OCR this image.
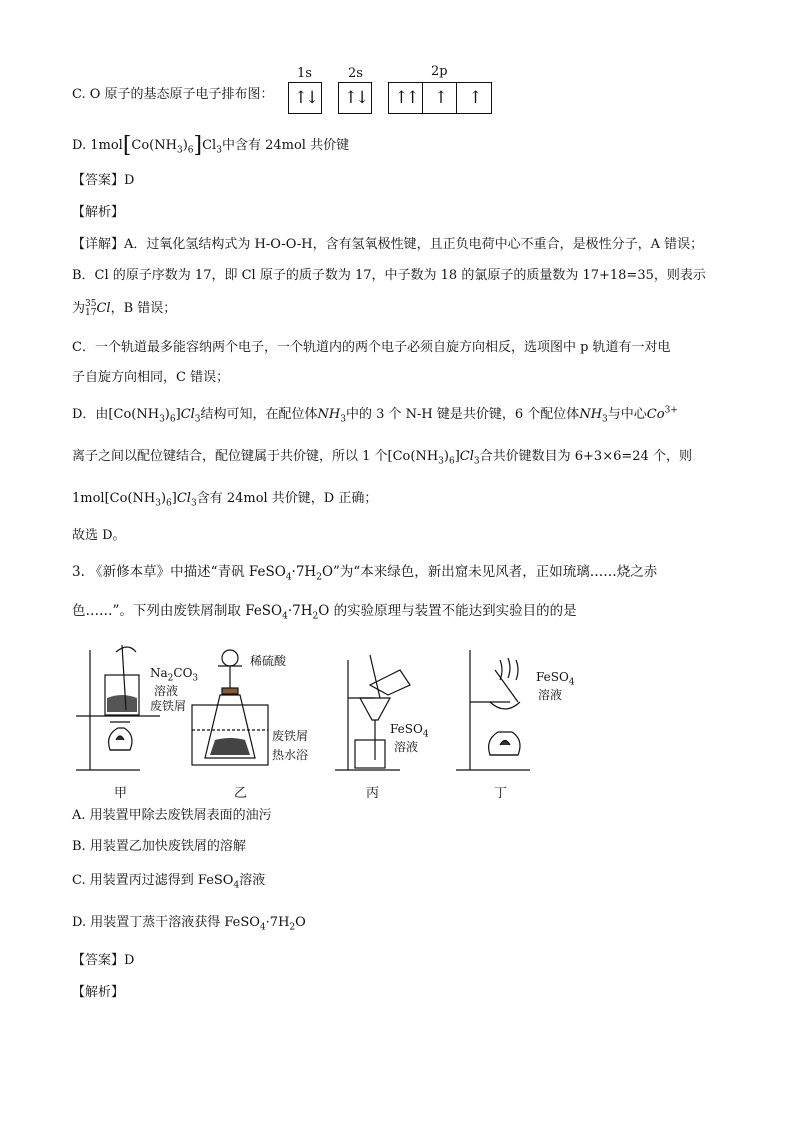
C. O 原子的基态原子电子排布图：
1s	2s	2p
↑↓ ↑↓	↑↑	↑	↑
D. $1mol[Co(NH_3)_6]Cl_3$中含有 24mol 共价键
【答案】D
【解析】
【详解】A．过氧化氢结构式为 H-O-O-H，含有氢氧极性键，且正负电荷中心不重合，是极性分子，A 错误；
B．Cl 的原子序数为 17，即 Cl 原子的质子数为 17，中子数为 18 的氯原子的质量数为 17+18=35，则表示
为 35
17 Cl，B 错误；
C．一个轨道最多能容纳两个电子，一个轨道内的两个电子必须自旋方向相反，选项图中 p 轨道有一对电
子自旋方向相同，C 错误；
D．由$[Co(NH_3)_6]Cl_3$结构可知，在配位体$NH_3$中的 3 个 N-H 键是共价键，6 个配位体$NH_3$与中心$Co^{3+}$
离子之间以配位键结合，配位键属于共价键，所以 1 个$[Co(NH_3)_6]Cl_3$合共价键数目为 6+3×6=24 个，则
$1mol[Co(NH_3)_6]Cl_3$含有 24mol 共价键，D 正确；
故选 D。
3. 《新修本草》中描述“青矾 $FeSO_4\cdot 7H_2O$”为“本来绿色，新出窟未见风者，正如琉璃……烧之赤
色……”。下列由废铁屑制取 $FeSO_4\cdot 7H_2O$ 的实验原理与装置不能达到实验目的的是
$Na_2CO_3$
溶液
废铁屑
稀硫酸
废铁屑
热水浴
FeSO$_4$
溶液
FeSO$_4$
溶液
甲	乙	丙	丁
A. 用装置甲除去废铁屑表面的油污
B. 用装置乙加快废铁屑的溶解
C. 用装置丙过滤得到 FeSO$_4$溶液
D. 用装置丁蒸干溶液获得 $FeSO_4\cdot 7H_2O$
【答案】D
【解析】
